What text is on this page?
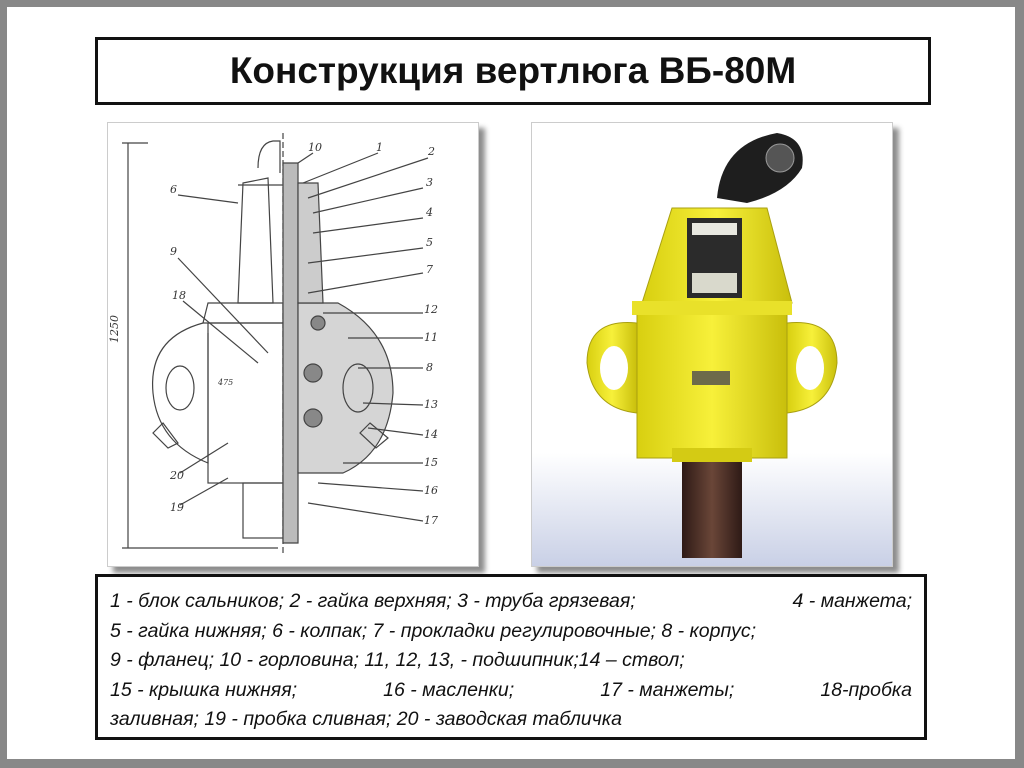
Конструкция вертлюга ВБ-80М
10	1	2
3
4
5
7
12
11
8
13
14
15
16
17
6
9
18
20
19
1250
475
1 - блок сальников; 2 - гайка верхняя; 3 - труба грязевая;	4 - манжета;
5 - гайка нижняя; 6 - колпак; 7 - прокладки регулировочные; 8 - корпус;
9 - фланец; 10 - горловина; 11, 12, 13, - подшипник;14 – ствол;
15 - крышка нижняя;	16 - масленки;	17 - манжеты;	18-пробка
заливная; 19 - пробка сливная; 20 - заводская табличка
